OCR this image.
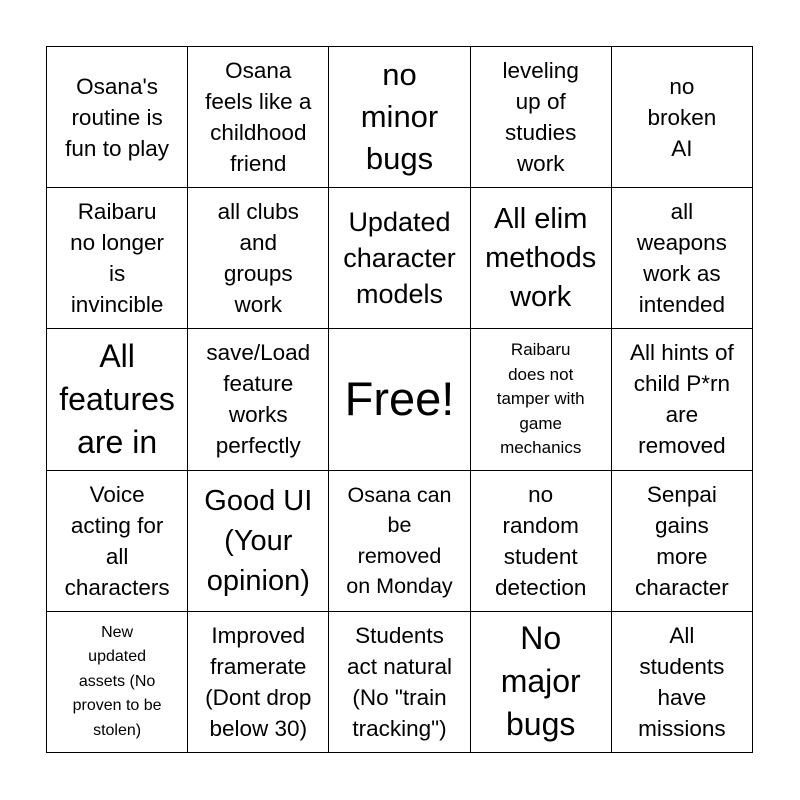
Osana's
routine is
fun to play
Osana
feels like a
childhood
friend
no
minor
bugs
leveling
up of
studies
work
no
broken
AI

Raibaru
no longer
is
invincible
all clubs
and
groups
work
Updated
character
models
All elim
methods
work
all
weapons
work as
intended
All
features
are in
save/Load
feature
works
perfectly
Free!
Raibaru
does not
tamper with
game
mechanics
All hints of
child P*rn
are
removed
Voice
acting for
all
characters
Good UI
(Your
opinion)
Osana can
be
removed
on Monday
no
random
student
detection
Senpai
gains
more
character
New
updated
assets (No
proven to be
stolen)
Improved
framerate
(Dont drop
below 30)
Students
act natural
(No "train
tracking")
No
major
bugs
All
students
have
missions
